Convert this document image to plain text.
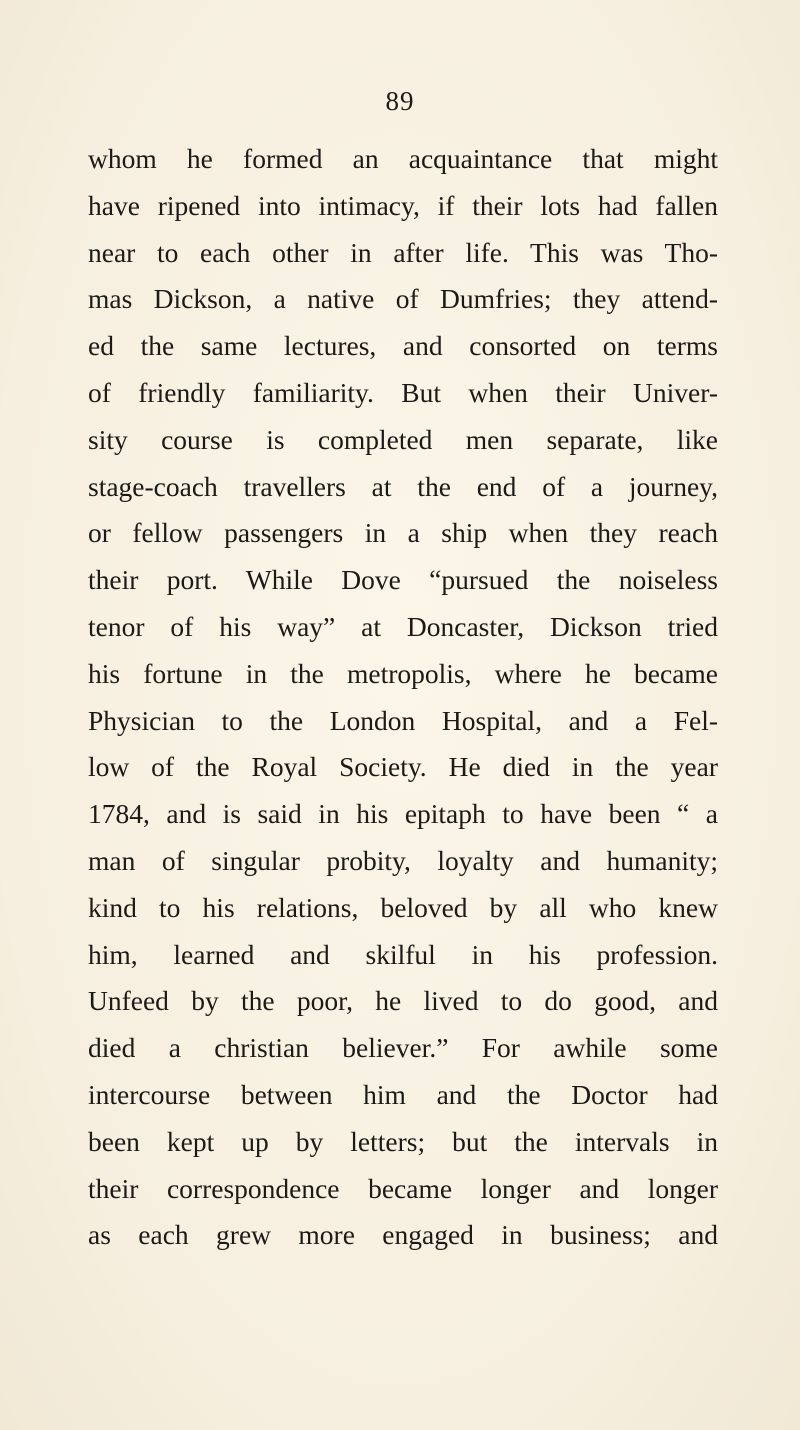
89
whom he formed an acquaintance that might
have ripened into intimacy, if their lots had fallen
near to each other in after life. This was Tho-
mas Dickson, a native of Dumfries; they attend-
ed the same lectures, and consorted on terms
of friendly familiarity. But when their Univer-
sity course is completed men separate, like
stage-coach travellers at the end of a journey,
or fellow passengers in a ship when they reach
their port. While Dove “pursued the noiseless
tenor of his way” at Doncaster, Dickson tried
his fortune in the metropolis, where he became
Physician to the London Hospital, and a Fel-
low of the Royal Society. He died in the year
1784, and is said in his epitaph to have been “ a
man of singular probity, loyalty and humanity;
kind to his relations, beloved by all who knew
him, learned and skilful in his profession.
Unfeed by the poor, he lived to do good, and
died a christian believer.” For awhile some
intercourse between him and the Doctor had
been kept up by letters; but the intervals in
their correspondence became longer and longer
as each grew more engaged in business; and
